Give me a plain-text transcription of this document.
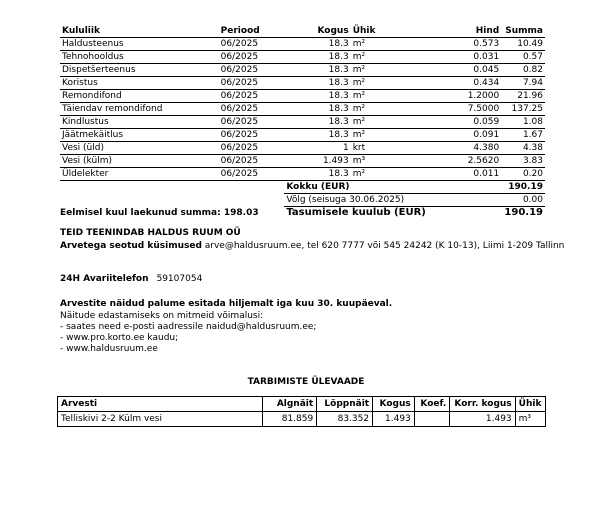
Kululiik	Periood	Kogus	Ühik	Hind	Summa
Haldusteenus	06/2025	18.3	m²	0.573	10.49
Tehnohooldus	06/2025	18.3	m²	0.031	0.57
Dispetšerteenus	06/2025	18.3	m²	0.045	0.82
Koristus	06/2025	18.3	m²	0.434	7.94
Remondifond	06/2025	18.3	m²	1.2000	21.96
Täiendav remondifond	06/2025	18.3	m²	7.5000	137.25
Kindlustus	06/2025	18.3	m²	0.059	1.08
Jäätmekäitlus	06/2025	18.3	m²	0.091	1.67
Vesi (üld)	06/2025	1	krt	4.380	4.38
Vesi (külm)	06/2025	1.493	m³	2.5620	3.83
Üldelekter	06/2025	18.3	m²	0.011	0.20
		Kokku (EUR)			190.19
		Võlg (seisuga 30.06.2025)			0.00
		Tasumisele kuulub (EUR)			190.19
Eelmisel kuul laekunud summa: 198.03
TEID TEENINDAB HALDUS RUUM OÜ
Arvetega seotud küsimused arve@haldusruum.ee, tel 620 7777 või 545 24242 (K 10-13), Liimi 1-209 Tallinn
24H Avariitelefon 59107054
Arvestite näidud palume esitada hiljemalt iga kuu 30. kuupäeval.
Näitude edastamiseks on mitmeid võimalusi:
- saates need e-posti aadressile naidud@haldusruum.ee;
- www.pro.korto.ee kaudu;
- www.haldusruum.ee
TARBIMISTE ÜLEVAADE
Arvesti	Algnäit	Lõppnäit	Kogus	Koef.	Korr. kogus	Ühik
Telliskivi 2-2 Külm vesi	81.859	83.352	1.493		1.493	m³
